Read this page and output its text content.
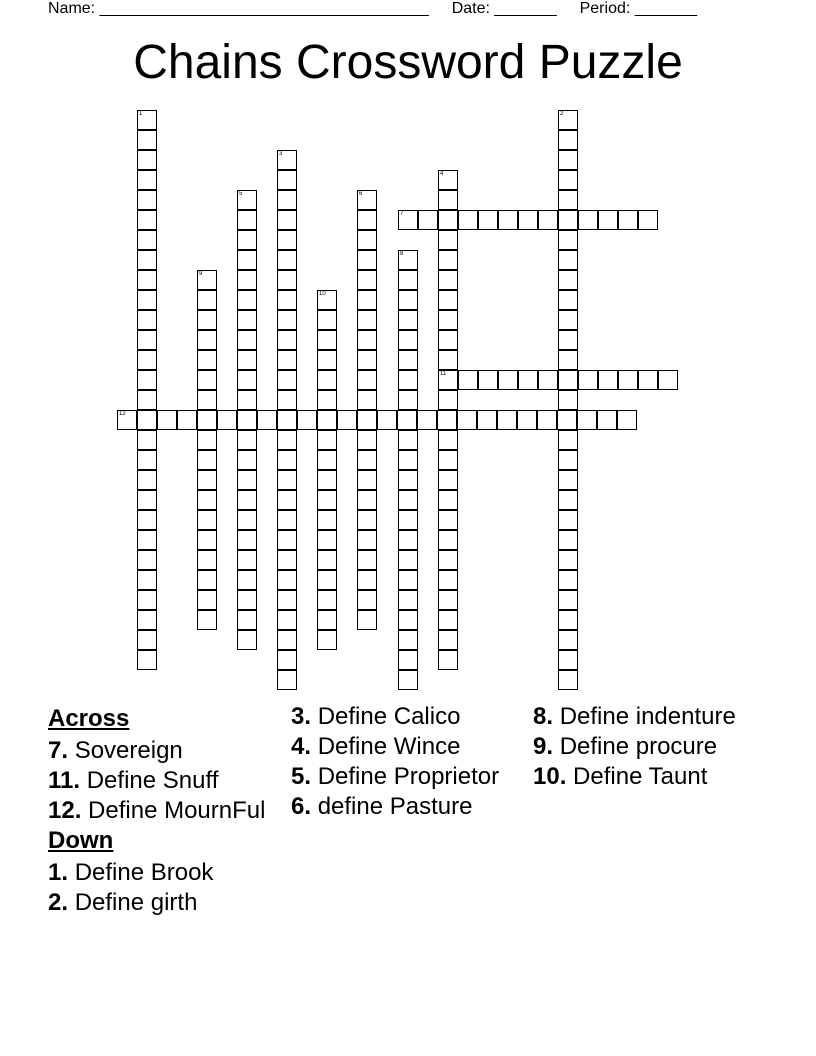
Name: _____________________________________ Date: _______ Period: _______
Chains Crossword Puzzle
1	2
3
4
11
5	6
7
8
9
10
12
Across
7. Sovereign
11. Define Snuff
12. Define MournFul
Down
1. Define Brook
2. Define girth
3. Define Calico
4. Define Wince
5. Define Proprietor
6. define Pasture
8. Define indenture
9. Define procure
10. Define Taunt
